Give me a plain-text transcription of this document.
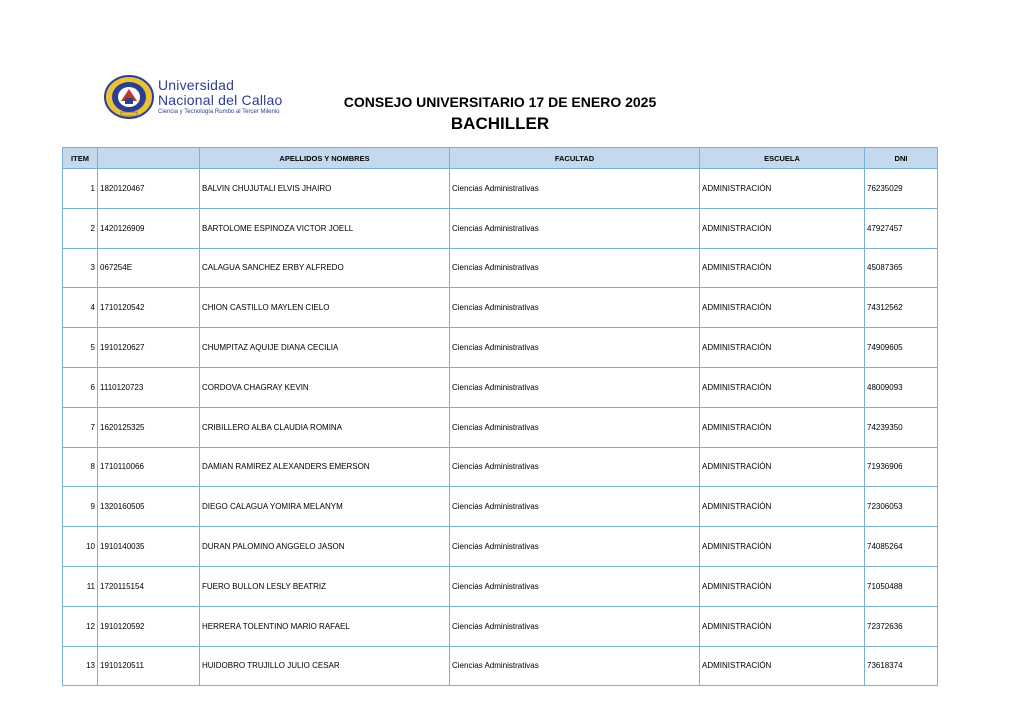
Universidad
Nacional del Callao
Ciencia y Tecnología Rumbo al Tercer Milenio
CONSEJO UNIVERSITARIO 17 DE ENERO 2025
BACHILLER
ITEM		APELLIDOS Y NOMBRES	FACULTAD	ESCUELA	DNI
1	1820120467	BALVIN CHUJUTALI ELVIS JHAIRO	Ciencias Administrativas	ADMINISTRACIÓN	76235029
2	1420126909	BARTOLOME ESPINOZA VICTOR JOELL	Ciencias Administrativas	ADMINISTRACIÓN	47927457
3	067254E	CALAGUA SANCHEZ ERBY ALFREDO	Ciencias Administrativas	ADMINISTRACIÓN	45087365
4	1710120542	CHION CASTILLO MAYLEN CIELO	Ciencias Administrativas	ADMINISTRACIÓN	74312562
5	1910120627	CHUMPITAZ AQUIJE DIANA CECILIA	Ciencias Administrativas	ADMINISTRACIÓN	74909605
6	1110120723	CORDOVA CHAGRAY KEVIN	Ciencias Administrativas	ADMINISTRACIÓN	48009093
7	1620125325	CRIBILLERO ALBA CLAUDIA ROMINA	Ciencias Administrativas	ADMINISTRACIÓN	74239350
8	1710110066	DAMIAN RAMIREZ ALEXANDERS EMERSON	Ciencias Administrativas	ADMINISTRACIÓN	71936906
9	1320160505	DIEGO CALAGUA YOMIRA MELANYM	Ciencias Administrativas	ADMINISTRACIÓN	72306053
10	1910140035	DURAN PALOMINO ANGGELO JASON	Ciencias Administrativas	ADMINISTRACIÓN	74085264
11	1720115154	FUERO BULLON LESLY BEATRIZ	Ciencias Administrativas	ADMINISTRACIÓN	71050488
12	1910120592	HERRERA TOLENTINO MARIO RAFAEL	Ciencias Administrativas	ADMINISTRACIÓN	72372636
13	1910120511	HUIDOBRO TRUJILLO JULIO CESAR	Ciencias Administrativas	ADMINISTRACIÓN	73618374
